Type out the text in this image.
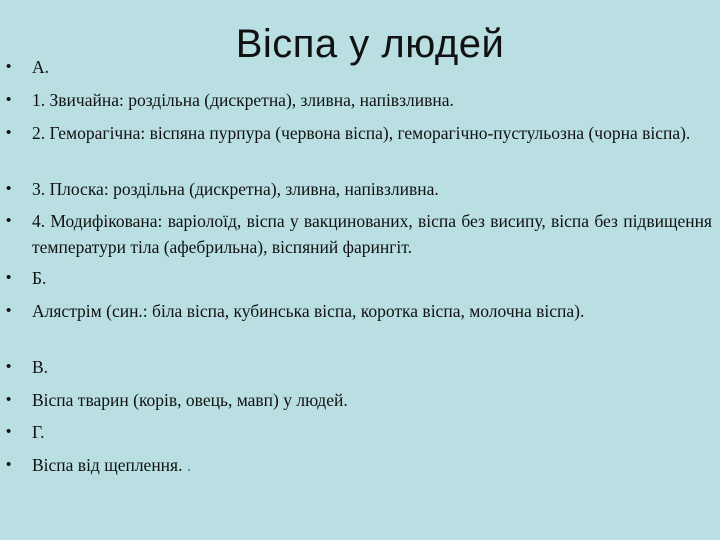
Віспа у людей
• А.
• 1. Звичайна: роздільна (дискретна), зливна, напівзливна.
• 2. Геморагічна: віспяна пурпура (червона віспа), геморагічно-пустульозна (чорна віспа).
• 3. Плоска: роздільна (дискретна), зливна, напівзливна.
• 4. Модифікована: варіолоїд, віспа у вакцинованих, віспа без висипу, віспа без підвищення температури тіла (афебрильна), віспяний фарингіт.
• Б.
• Алястрім (син.: біла віспа, кубинська віспа, коротка віспа, молочна віспа).
• В.
• Віспа тварин (корів, овець, мавп) у людей.
• Г.
• Віспа від щеплення. .
